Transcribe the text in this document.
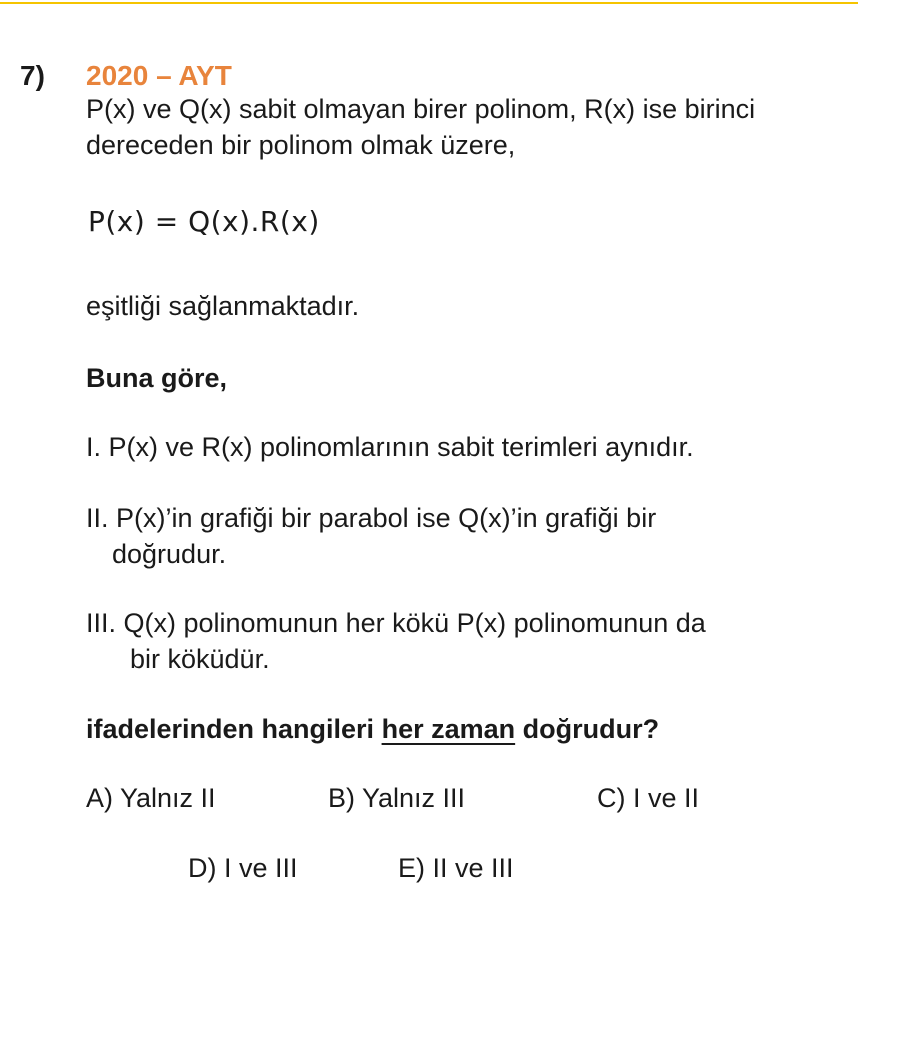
7) 2020 – AYT
P(x) ve Q(x) sabit olmayan birer polinom, R(x) ise birinci
dereceden bir polinom olmak üzere,
P(x) = Q(x).R(x)
eşitliği sağlanmaktadır.
Buna göre,
I. P(x) ve R(x) polinomlarının sabit terimleri aynıdır.
II. P(x)’in grafiği bir parabol ise Q(x)’in grafiği bir
doğrudur.
III. Q(x) polinomunun her kökü P(x) polinomunun da
bir köküdür.
ifadelerinden hangileri her zaman doğrudur?
A) Yalnız II	B) Yalnız III	C) I ve II
D) I ve III	E) II ve III
